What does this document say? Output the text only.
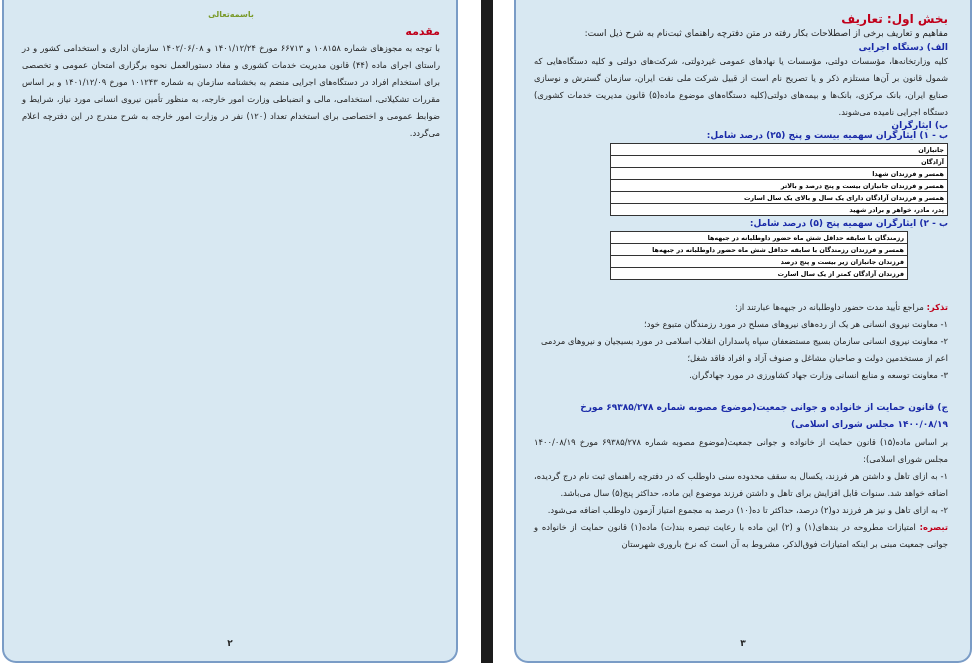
باسمه‌تعالی
مقدمه

با توجه به مجوزهای شماره ۱۰۸۱۵۸ و ۶۶۷۱۳ مورخ ۱۴۰۱/۱۲/۲۴ و ۱۴۰۲/۰۶/۰۸ سازمان اداری و استخدامی کشور و در راستای اجرای ماده (۴۴) قانون مدیریت خدمات کشوری و مفاد دستورالعمل نحوه برگزاری امتحان عمومی و تخصصی برای استخدام افراد در دستگاه‌های اجرایی منضم به بخشنامه سازمان به شماره ۱۰۱۲۴۳ مورخ ۱۴۰۱/۱۲/۰۹ و بر اساس مقررات تشکیلاتی، استخدامی، مالی و انضباطی وزارت امور خارجه، به منظور تأمین نیروی انسانی مورد نیاز، شرایط و ضوابط عمومی و اختصاصی برای استخدام تعداد (۱۲۰) نفر در وزارت امور خارجه به شرح مندرج در این دفترچه اعلام می‌گردد.

۲
بخش اول: تعاریف

مفاهیم و تعاریف برخی از اصطلاحات بکار رفته در متن دفترچه راهنمای ثبت‌نام به شرح ذیل است:

الف) دستگاه اجرایی

کلیه وزارتخانه‌ها، مؤسسات دولتی، مؤسسات یا نهادهای عمومی غیردولتی، شرکت‌های دولتی و کلیه دستگاه‌هایی که شمول قانون بر آن‌ها مستلزم ذکر و یا تصریح نام است از قبیل شرکت ملی نفت ایران، سازمان گسترش و نوسازی صنایع ایران، بانک مرکزی، بانک‌ها و بیمه‌های دولتی(کلیه دستگاه‌های موضوع ماده(۵) قانون مدیریت خدمات کشوری) دستگاه اجرایی نامیده می‌شوند.

ب) ایثارگران
ب - ۱) ایثارگران سهمیه بیست و پنج (۲۵) درصد شامل:
جانبازان
آزادگان
همسر و فرزندان شهدا
همسر و فرزندان جانبازان بیست و پنج درصد و بالاتر
همسر و فرزندان آزادگان دارای یک سال و بالای یک سال اسارت
پدر، مادر، خواهر و برادر شهید
ب - ۲) ایثارگران سهمیه پنج (۵) درصد شامل:
رزمندگان با سابقه حداقل شش ماه حضور داوطلبانه در جبهه‌ها
همسر و فرزندان رزمندگان با سابقه حداقل شش ماه حضور داوطلبانه در جبهه‌ها
فرزندان جانبازان زیر بیست و پنج درصد
فرزندان آزادگان کمتر از یک سال اسارت
تذکر: مراجع تأیید مدت حضور داوطلبانه در جبهه‌ها عبارتند از:
۱- معاونت نیروی انسانی هر یک از رده‌های نیروهای مسلح در مورد رزمندگان متبوع خود؛
۲- معاونت نیروی انسانی سازمان بسیج مستضعفان سپاه پاسداران انقلاب اسلامی در مورد بسیجیان و نیروهای مردمی اعم از مستخدمین دولت و صاحبان مشاغل و صنوف آزاد و افراد فاقد شغل؛
۳- معاونت توسعه و منابع انسانی وزارت جهاد کشاورزی در مورد جهادگران.
ج) قانون حمایت از خانواده و جوانی جمعیت(موضوع مصوبه شماره ۶۹۳۸۵/۲۷۸ مورخ ۱۴۰۰/۰۸/۱۹ مجلس شورای اسلامی)

بر اساس ماده(۱۵) قانون حمایت از خانواده و جوانی جمعیت(موضوع مصوبه شماره ۶۹۳۸۵/۲۷۸ مورخ ۱۴۰۰/۰۸/۱۹ مجلس شورای اسلامی):

۱- به ازای تاهل و داشتن هر فرزند، یکسال به سقف محدوده سنی داوطلب که در دفترچه راهنمای ثبت نام درج گردیده، اضافه خواهد شد. سنوات قابل افزایش برای تاهل و داشتن فرزند موضوع این ماده، حداکثر پنج(۵) سال می‌باشد.

۲- به ازای تاهل و نیز هر فرزند دو(۲) درصد، حداکثر تا ده(۱۰) درصد به مجموع امتیاز آزمون داوطلب اضافه می‌شود.

تبصره: امتیازات مطروحه در بندهای(۱) و (۲) این ماده با رعایت تبصره بند(ت) ماده(۱) قانون حمایت از خانواده و جوانی جمعیت مبنی بر اینکه امتیازات فوق‌الذکر، مشروط به آن است که نرخ باروری شهرستان

۳
